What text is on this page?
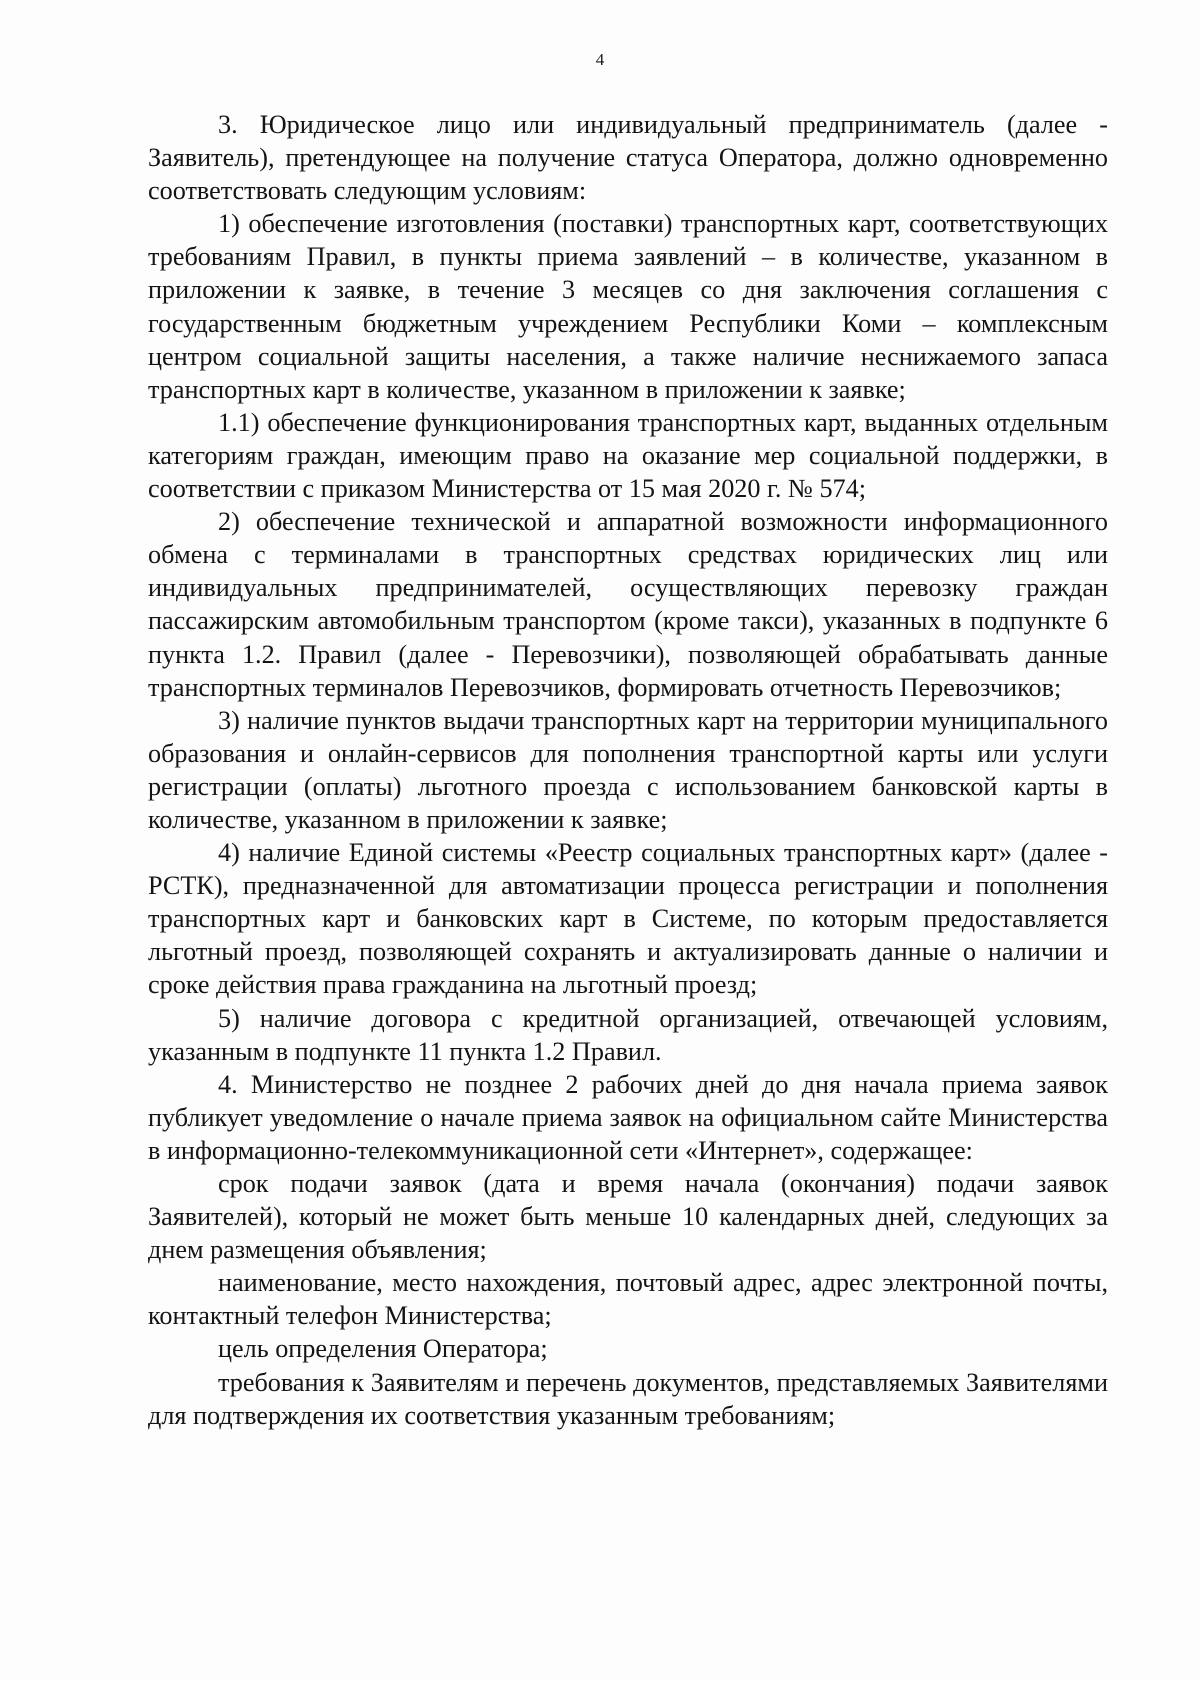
4

3. Юридическое лицо или индивидуальный предприниматель (далее - Заявитель), претендующее на получение статуса Оператора, должно одновременно соответствовать следующим условиям:

1) обеспечение изготовления (поставки) транспортных карт, соответствующих требованиям Правил, в пункты приема заявлений – в количестве, указанном в приложении к заявке, в течение 3 месяцев со дня заключения соглашения с государственным бюджетным учреждением Республики Коми – комплексным центром социальной защиты населения, а также наличие неснижаемого запаса транспортных карт в количестве, указанном в приложении к заявке;

1.1) обеспечение функционирования транспортных карт, выданных отдельным категориям граждан, имеющим право на оказание мер социальной поддержки, в соответствии с приказом Министерства от 15 мая 2020 г. № 574;

2) обеспечение технической и аппаратной возможности информационного обмена с терминалами в транспортных средствах юридических лиц или индивидуальных предпринимателей, осуществляющих перевозку граждан пассажирским автомобильным транспортом (кроме такси), указанных в подпункте 6 пункта 1.2. Правил (далее - Перевозчики), позволяющей обрабатывать данные транспортных терминалов Перевозчиков, формировать отчетность Перевозчиков;

3) наличие пунктов выдачи транспортных карт на территории муниципального образования и онлайн-сервисов для пополнения транспортной карты или услуги регистрации (оплаты) льготного проезда с использованием банковской карты в количестве, указанном в приложении к заявке;

4) наличие Единой системы «Реестр социальных транспортных карт» (далее - РСТК), предназначенной для автоматизации процесса регистрации и пополнения транспортных карт и банковских карт в Системе, по которым предоставляется льготный проезд, позволяющей сохранять и актуализировать данные о наличии и сроке действия права гражданина на льготный проезд;

5) наличие договора с кредитной организацией, отвечающей условиям, указанным в подпункте 11 пункта 1.2 Правил.

4. Министерство не позднее 2 рабочих дней до дня начала приема заявок публикует уведомление о начале приема заявок на официальном сайте Министерства в информационно-телекоммуникационной сети «Интернет», содержащее:

срок подачи заявок (дата и время начала (окончания) подачи заявок Заявителей), который не может быть меньше 10 календарных дней, следующих за днем размещения объявления;

наименование, место нахождения, почтовый адрес, адрес электронной почты, контактный телефон Министерства;

цель определения Оператора;

требования к Заявителям и перечень документов, представляемых Заявителями для подтверждения их соответствия указанным требованиям;
